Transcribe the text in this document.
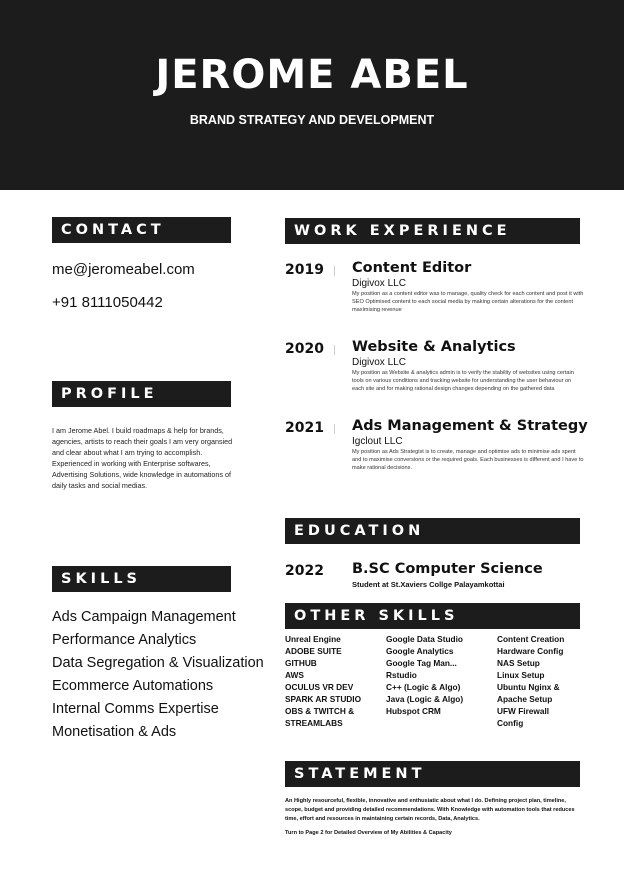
JEROME ABEL
BRAND STRATEGY AND DEVELOPMENT
CONTACT
me@jeromeabel.com
+91 8111050442
PROFILE
I am Jerome Abel. I build roadmaps & help for brands, agencies, artists to reach their goals I am very organsied and clear about what I am trying to accomplish. Experienced in working with Enterprise softwares, Advertising Solutions, wide knowledge in automations of daily tasks and social medias.
SKILLS
Ads Campaign Management
Performance Analytics
Data Segregation & Visualization
Ecommerce Automations
Internal Comms Expertise
Monetisation & Ads
WORK EXPERIENCE
2019 Content Editor
Digivox LLC
My position as a content editor was to manage, quality check for each content and post it with SEO Optimised content to each social media by making certain alterations for the content maximising revenue
2020 Website & Analytics
Digivox LLC
My position as Website & analytics admin is to verify the stability of websites using certain tools on various conditions and tracking website for understanding the user behaviour on each site and for making rational design changes depending on the gathered data
2021 Ads Management & Strategy
Igclout LLC
My position as Ads Strategist is to create, manage and optimise ads to minimise ads spent and to maximise conversions or the required goals. Each businesses is different and I have to make rational decisions.
EDUCATION
2022 B.SC Computer Science
Student at St.Xaviers Collge Palayamkottai
OTHER SKILLS
Unreal Engine
ADOBE SUITE
GITHUB
AWS
OCULUS VR DEV
SPARK AR STUDIO
OBS & TWITCH &
STREAMLABS
Google Data Studio
Google Analytics
Google Tag Man...
Rstudio
C++ (Logic & Algo)
Java (Logic & Algo)
Hubspot CRM
Content Creation
Hardware Config
NAS Setup
Linux Setup
Ubuntu Nginx &
Apache Setup
UFW Firewall
Config
STATEMENT
An Highly resourceful, flexible, innovative and enthusiatic about what I do. Defining project plan, timeline, scope, budget and providing detailed recommendations. With Knowledge with automation tools that reduces time, effort and resources in maintaining certain records, Data, Analytics.
Turn to Page 2 for Detailed Overview of My Abilities & Capacity
